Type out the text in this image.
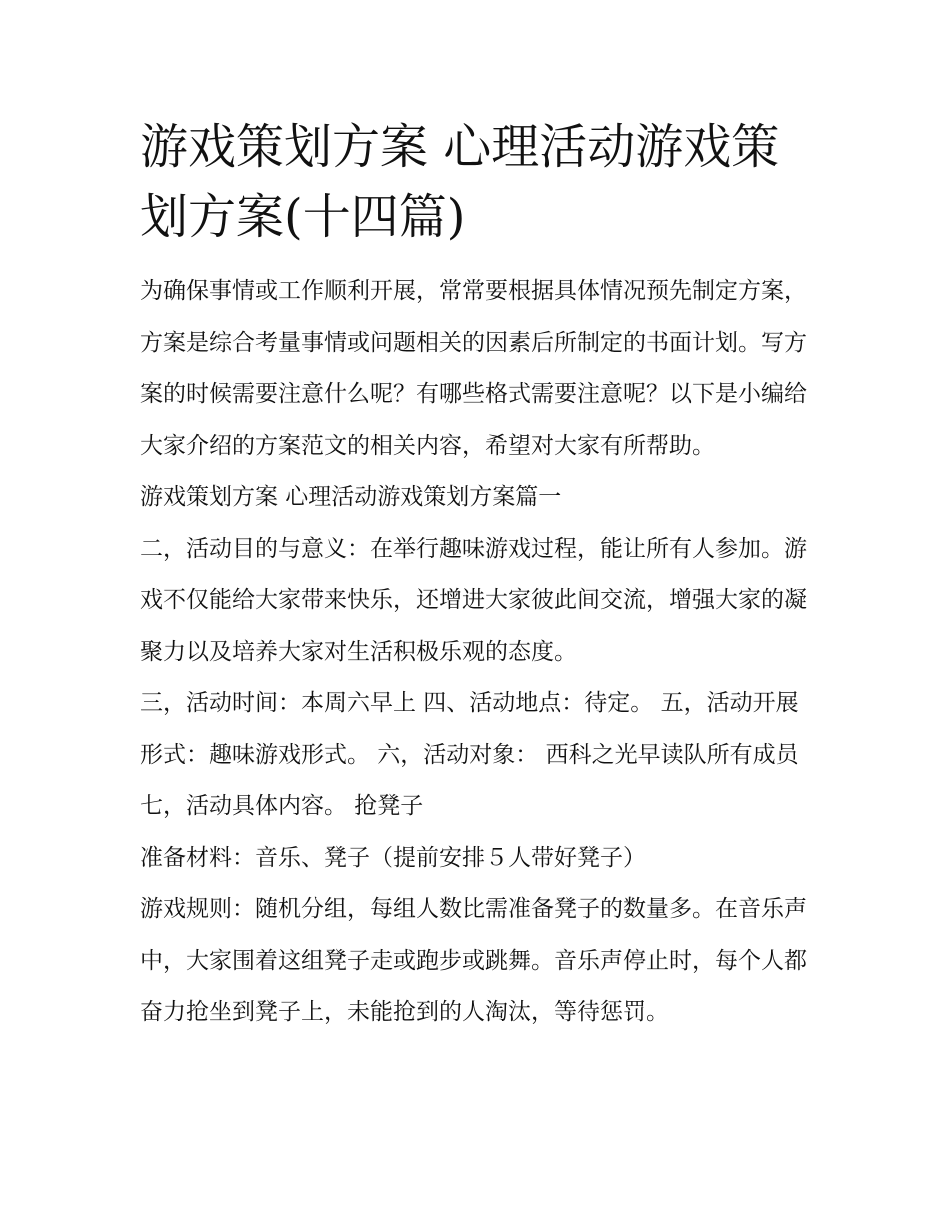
游戏策划方案 心理活动游戏策划方案(十四篇)

为确保事情或工作顺利开展，常常要根据具体情况预先制定方案，方案是综合考量事情或问题相关的因素后所制定的书面计划。写方案的时候需要注意什么呢？有哪些格式需要注意呢？以下是小编给大家介绍的方案范文的相关内容，希望对大家有所帮助。

游戏策划方案 心理活动游戏策划方案篇一

二，活动目的与意义：在举行趣味游戏过程，能让所有人参加。游戏不仅能给大家带来快乐，还增进大家彼此间交流，增强大家的凝聚力以及培养大家对生活积极乐观的态度。

三，活动时间：本周六早上 四、活动地点：待定。 五，活动开展形式：趣味游戏形式。 六，活动对象： 西科之光早读队所有成员 七，活动具体内容。 抢凳子

准备材料：音乐、凳子（提前安排５人带好凳子）

游戏规则：随机分组，每组人数比需准备凳子的数量多。在音乐声中，大家围着这组凳子走或跑步或跳舞。音乐声停止时，每个人都奋力抢坐到凳子上，未能抢到的人淘汰，等待惩罚。
